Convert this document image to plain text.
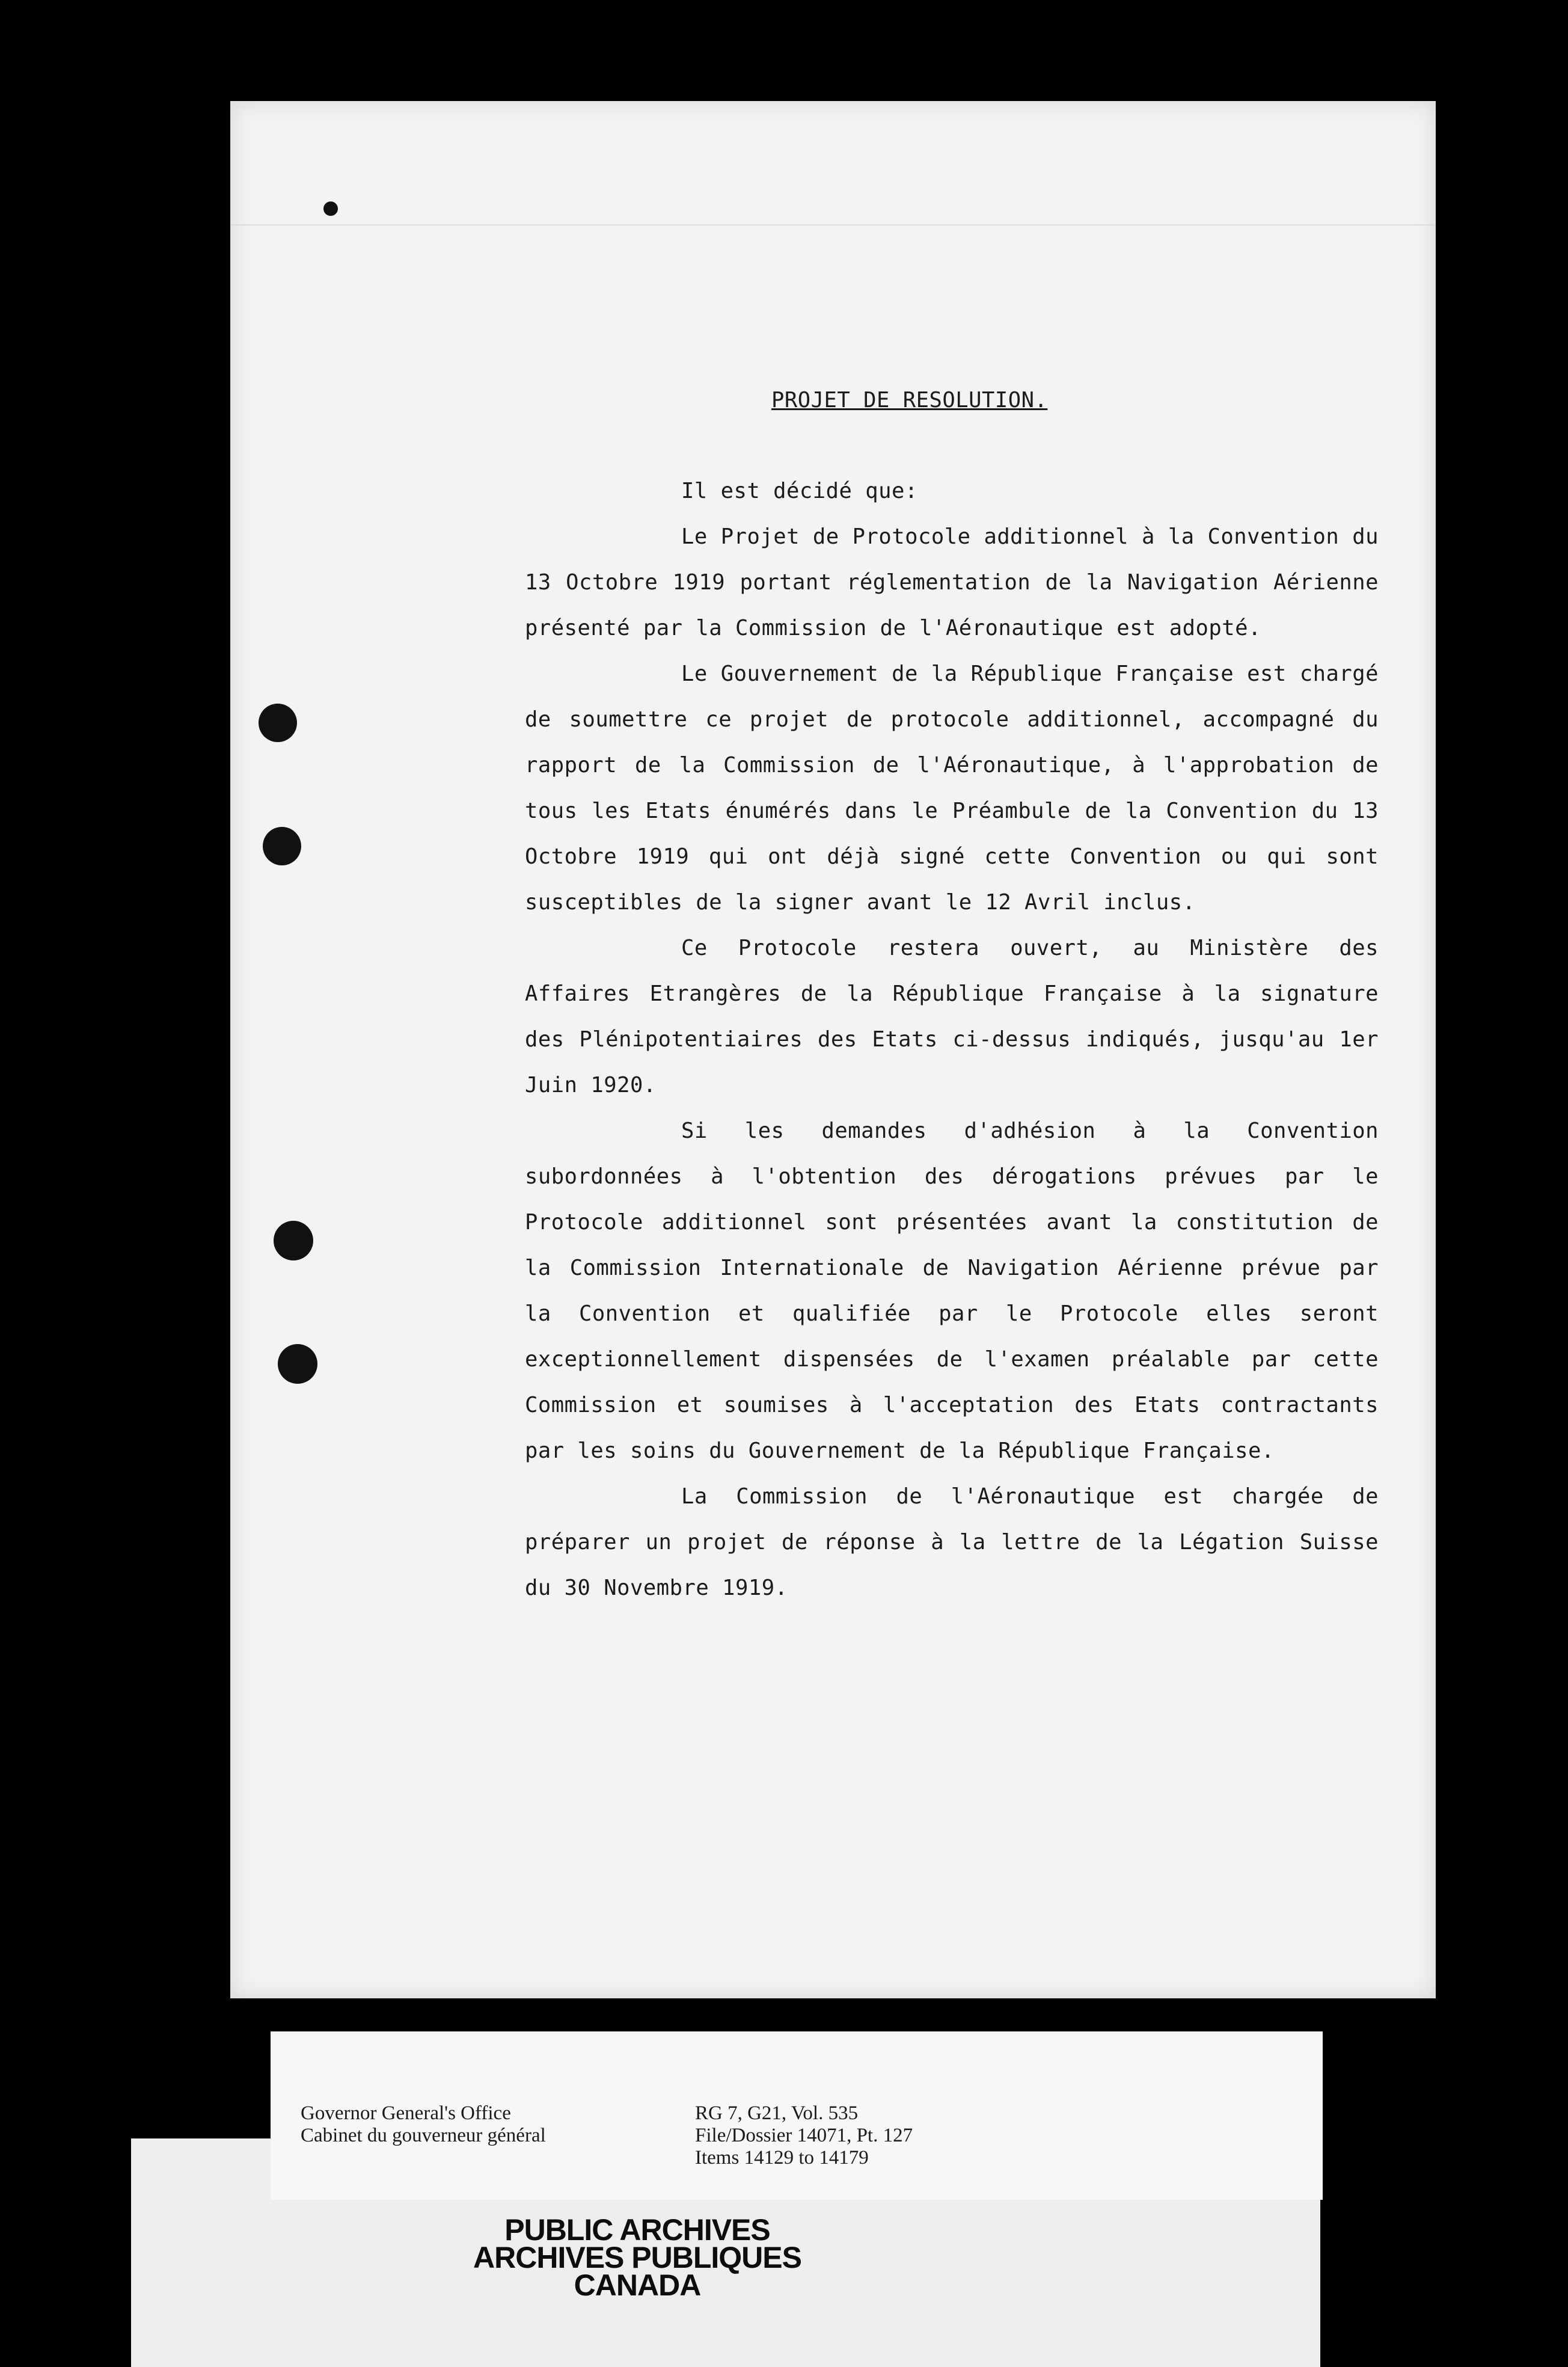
PROJET DE RESOLUTION.
Il est décidé que:

Le Projet de Protocole additionnel à la Convention du 13 Octobre 1919 portant réglementation de la Navigation Aérienne présenté par la Commission de l'Aéronautique est adopté.

Le Gouvernement de la République Française est chargé de soumettre ce projet de protocole additionnel, accompagné du rapport de la Commission de l'Aéronautique, à l'approbation de tous les Etats énumérés dans le Préambule de la Convention du 13 Octobre 1919 qui ont déjà signé cette Convention ou qui sont susceptibles de la signer avant le 12 Avril inclus.

Ce Protocole restera ouvert, au Ministère des Affaires Etrangères de la République Française à la signature des Plénipotentiaires des Etats ci-dessus indiqués, jusqu'au 1er Juin 1920.

Si les demandes d'adhésion à la Convention subordonnées à l'obtention des dérogations prévues par le Protocole additionnel sont présentées avant la constitution de la Commission Internationale de Navigation Aérienne prévue par la Convention et qualifiée par le Protocole elles seront exceptionnellement dispensées de l'examen préalable par cette Commission et soumises à l'acceptation des Etats contractants par les soins du Gouvernement de la République Française.

La Commission de l'Aéronautique est chargée de préparer un projet de réponse à la lettre de la Légation Suisse du 30 Novembre 1919.

Governor General's Office
Cabinet du gouverneur général
RG 7, G21, Vol. 535
File/Dossier 14071, Pt. 127
Items 14129 to 14179
PUBLIC ARCHIVES
ARCHIVES PUBLIQUES
CANADA
